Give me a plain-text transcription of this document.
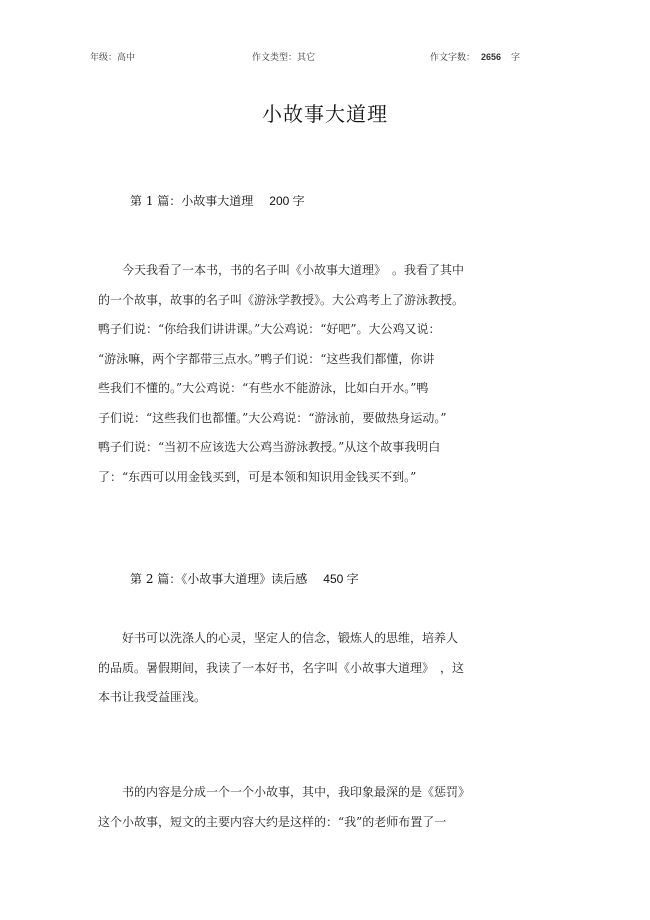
年级：高中	作文类型：其它	作文字数： 2656 字
小故事大道理
第 1 篇：小故事大道理 200 字
　　今天我看了一本书，书的名子叫《小故事大道理》　。我看了其中
的一个故事，故事的名子叫《游泳学教授》。大公鸡考上了游泳教授。
鸭子们说：“你给我们讲讲课。”大公鸡说：“好吧”。大公鸡又说：
“游泳嘛，两个字都带三点水。”鸭子们说：“这些我们都懂，你讲
些我们不懂的。”大公鸡说：“有些水不能游泳，比如白开水。”鸭
子们说：“这些我们也都懂。”大公鸡说：“游泳前，要做热身运动。”
鸭子们说：“当初不应该选大公鸡当游泳教授。”从这个故事我明白
了：“东西可以用金钱买到，可是本领和知识用金钱买不到。”
第 2 篇：《小故事大道理》读后感 450 字
　　好书可以洗涤人的心灵，坚定人的信念，锻炼人的思维，培养人
的品质。暑假期间，我读了一本好书，名字叫《小故事大道理》　，这
本书让我受益匪浅。
　　书的内容是分成一个一个小故事，其中，我印象最深的是《惩罚》
这个小故事，短文的主要内容大约是这样的：“我”的老师布置了一
